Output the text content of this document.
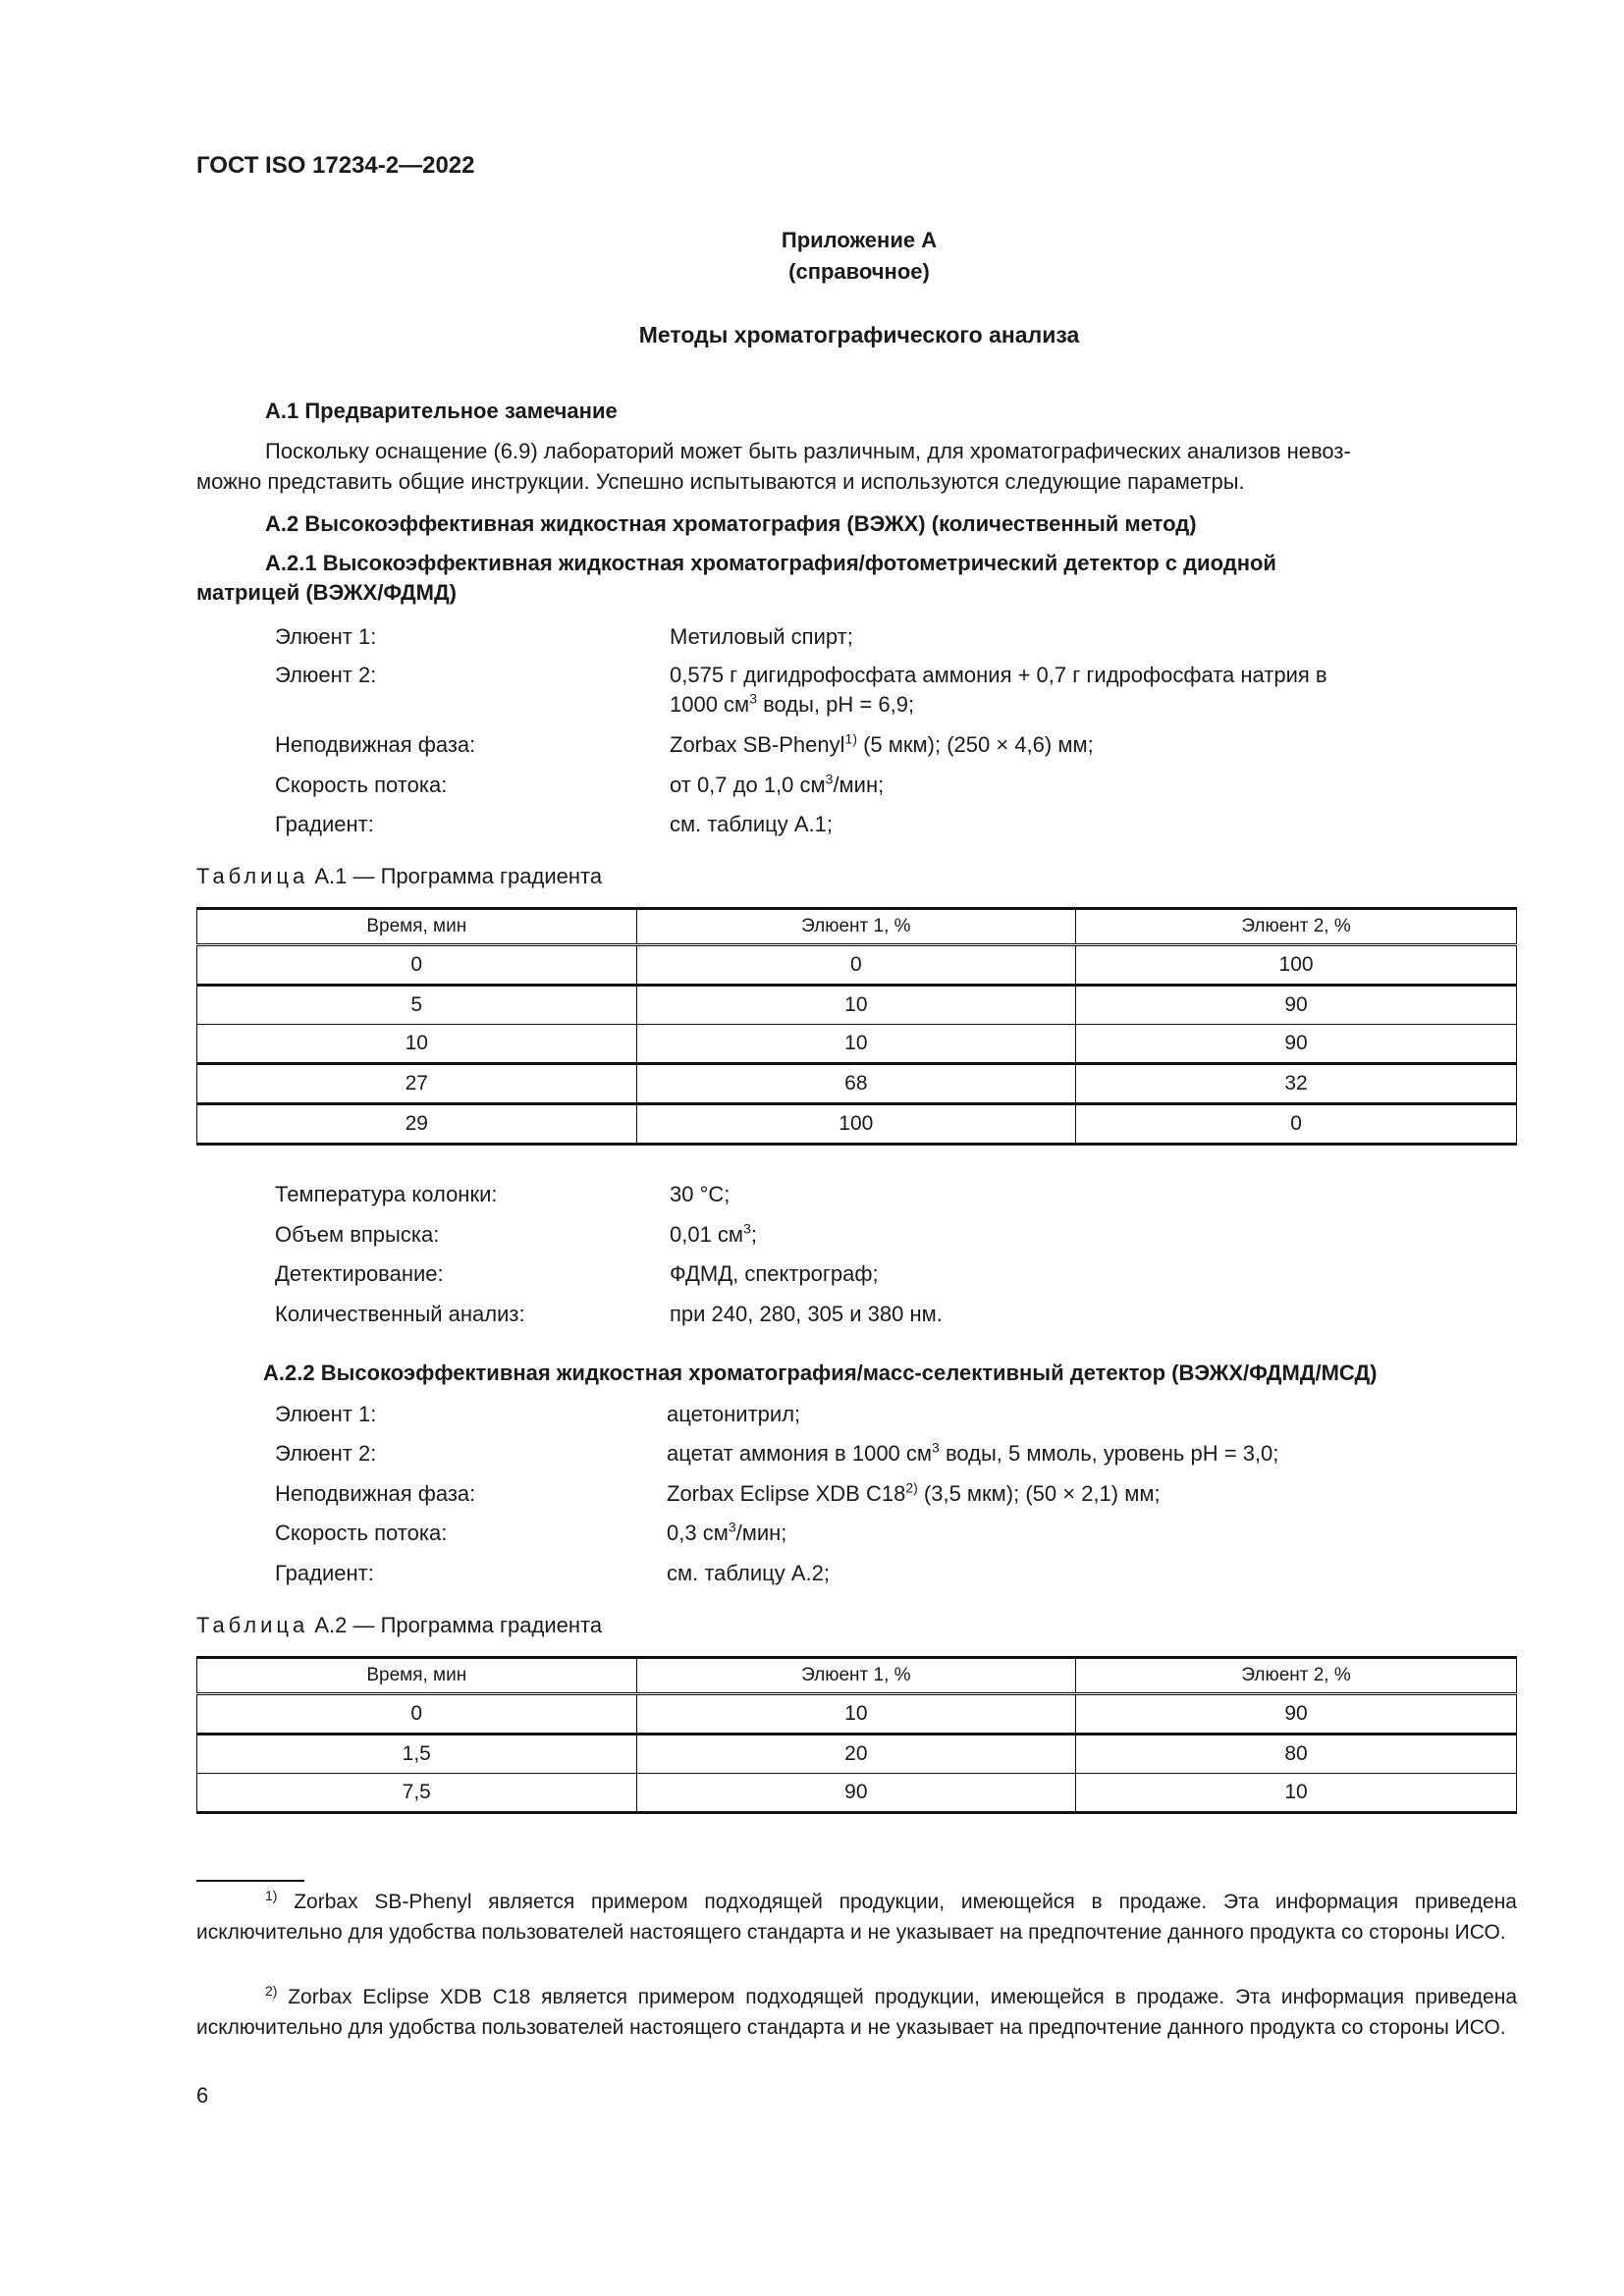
ГОСТ ISO 17234-2—2022
Приложение А
(справочное)
Методы хроматографического анализа
А.1 Предварительное замечание
Поскольку оснащение (6.9) лабораторий может быть различным, для хроматографических анализов невоз-
можно представить общие инструкции. Успешно испытываются и используются следующие параметры.
А.2 Высокоэффективная жидкостная хроматография (ВЭЖХ) (количественный метод)
А.2.1 Высокоэффективная жидкостная хроматография/фотометрический детектор с диодной
матрицей (ВЭЖХ/ФДМД)
Элюент 1:	Метиловый спирт;
Элюент 2:	0,575 г дигидрофосфата аммония + 0,7 г гидрофосфата натрия в
1000 $см^3$ воды, pH = 6,9;
Неподвижная фаза:	Zorbax SB-Phenyl$^{1)}$ (5 мкм); (250 × 4,6) мм;
Скорость потока:	от 0,7 до 1,0 $см^3$/мин;
Градиент:	см. таблицу А.1;
Таблица А.1 — Программа градиента
Время, мин	Элюент 1, %	Элюент 2, %
0	0	100
5	10	90
10	10	90
27	68	32
29	100	0
Температура колонки:	30 °C;
Объем впрыска:	0,01 $см^3$;
Детектирование:	ФДМД, спектрограф;
Количественный анализ:	при 240, 280, 305 и 380 нм.
А.2.2 Высокоэффективная жидкостная хроматография/масс-селективный детектор (ВЭЖХ/ФДМД/МСД)
Элюент 1:	ацетонитрил;
Элюент 2:	ацетат аммония в 1000 $см^3$ воды, 5 ммоль, уровень pH = 3,0;
Неподвижная фаза:	Zorbax Eclipse XDB C18$^{2)}$ (3,5 мкм); (50 × 2,1) мм;
Скорость потока:	0,3 $см^3$/мин;
Градиент:	см. таблицу А.2;
Таблица А.2 — Программа градиента
Время, мин	Элюент 1, %	Элюент 2, %
0	10	90
1,5	20	80
7,5	90	10
$^{1)}$ Zorbax SB-Phenyl является примером подходящей продукции, имеющейся в продаже. Эта информация приведена исключительно для удобства пользователей настоящего стандарта и не указывает на предпочтение данного продукта со стороны ИСО.
$^{2)}$ Zorbax Eclipse XDB C18 является примером подходящей продукции, имеющейся в продаже. Эта информация приведена исключительно для удобства пользователей настоящего стандарта и не указывает на предпочтение данного продукта со стороны ИСО.
6
